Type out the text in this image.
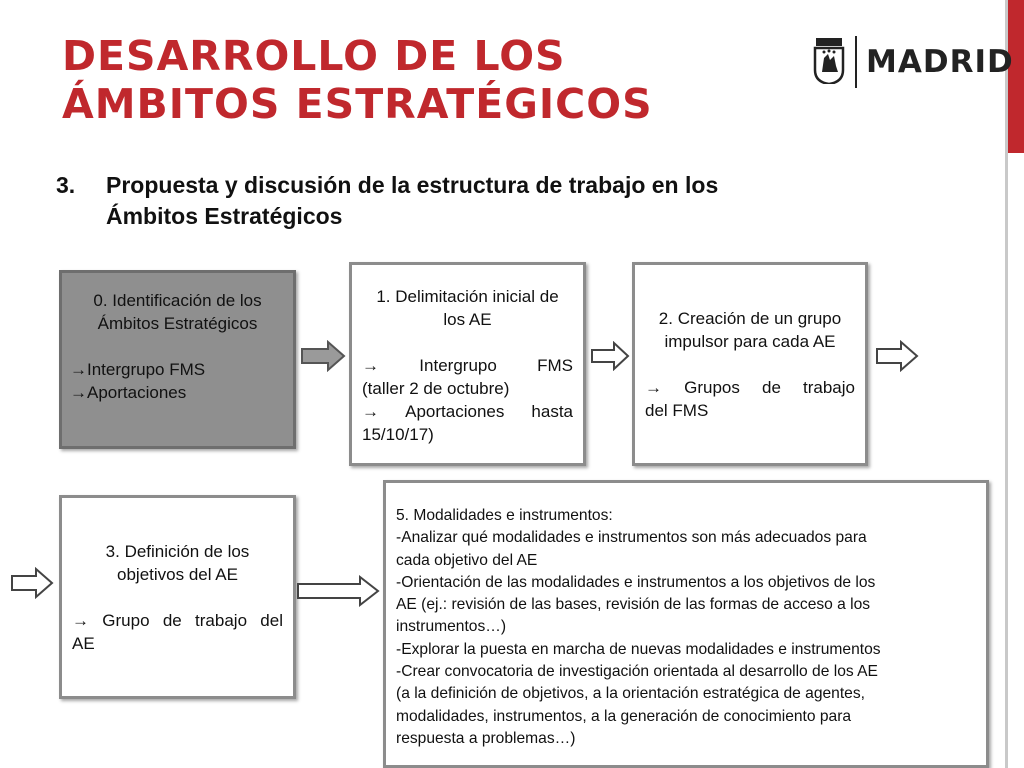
DESARROLLO DE LOS
ÁMBITOS ESTRATÉGICOS
MADRID
3. Propuesta y discusión de la estructura de trabajo en los
Ámbitos Estratégicos
0. Identificación de los
Ámbitos Estratégicos
→Intergrupo FMS
→Aportaciones
1. Delimitación inicial de
los AE
→ Intergrupo FMS
(taller 2 de octubre)
→ Aportaciones hasta
15/10/17)
2. Creación de un grupo
impulsor para cada AE
→ Grupos de trabajo
del FMS
3. Definición de los
objetivos del AE
→ Grupo de trabajo del
AE
5. Modalidades e instrumentos:
-Analizar qué modalidades e instrumentos son más adecuados para
cada objetivo del AE
-Orientación de las modalidades e instrumentos a los objetivos de los
AE (ej.: revisión de las bases, revisión de las formas de acceso a los
instrumentos…)
-Explorar la puesta en marcha de nuevas modalidades e instrumentos
-Crear convocatoria de investigación orientada al desarrollo de los AE
(a la definición de objetivos, a la orientación estratégica de agentes,
modalidades, instrumentos, a la generación de conocimiento para
respuesta a problemas…)
